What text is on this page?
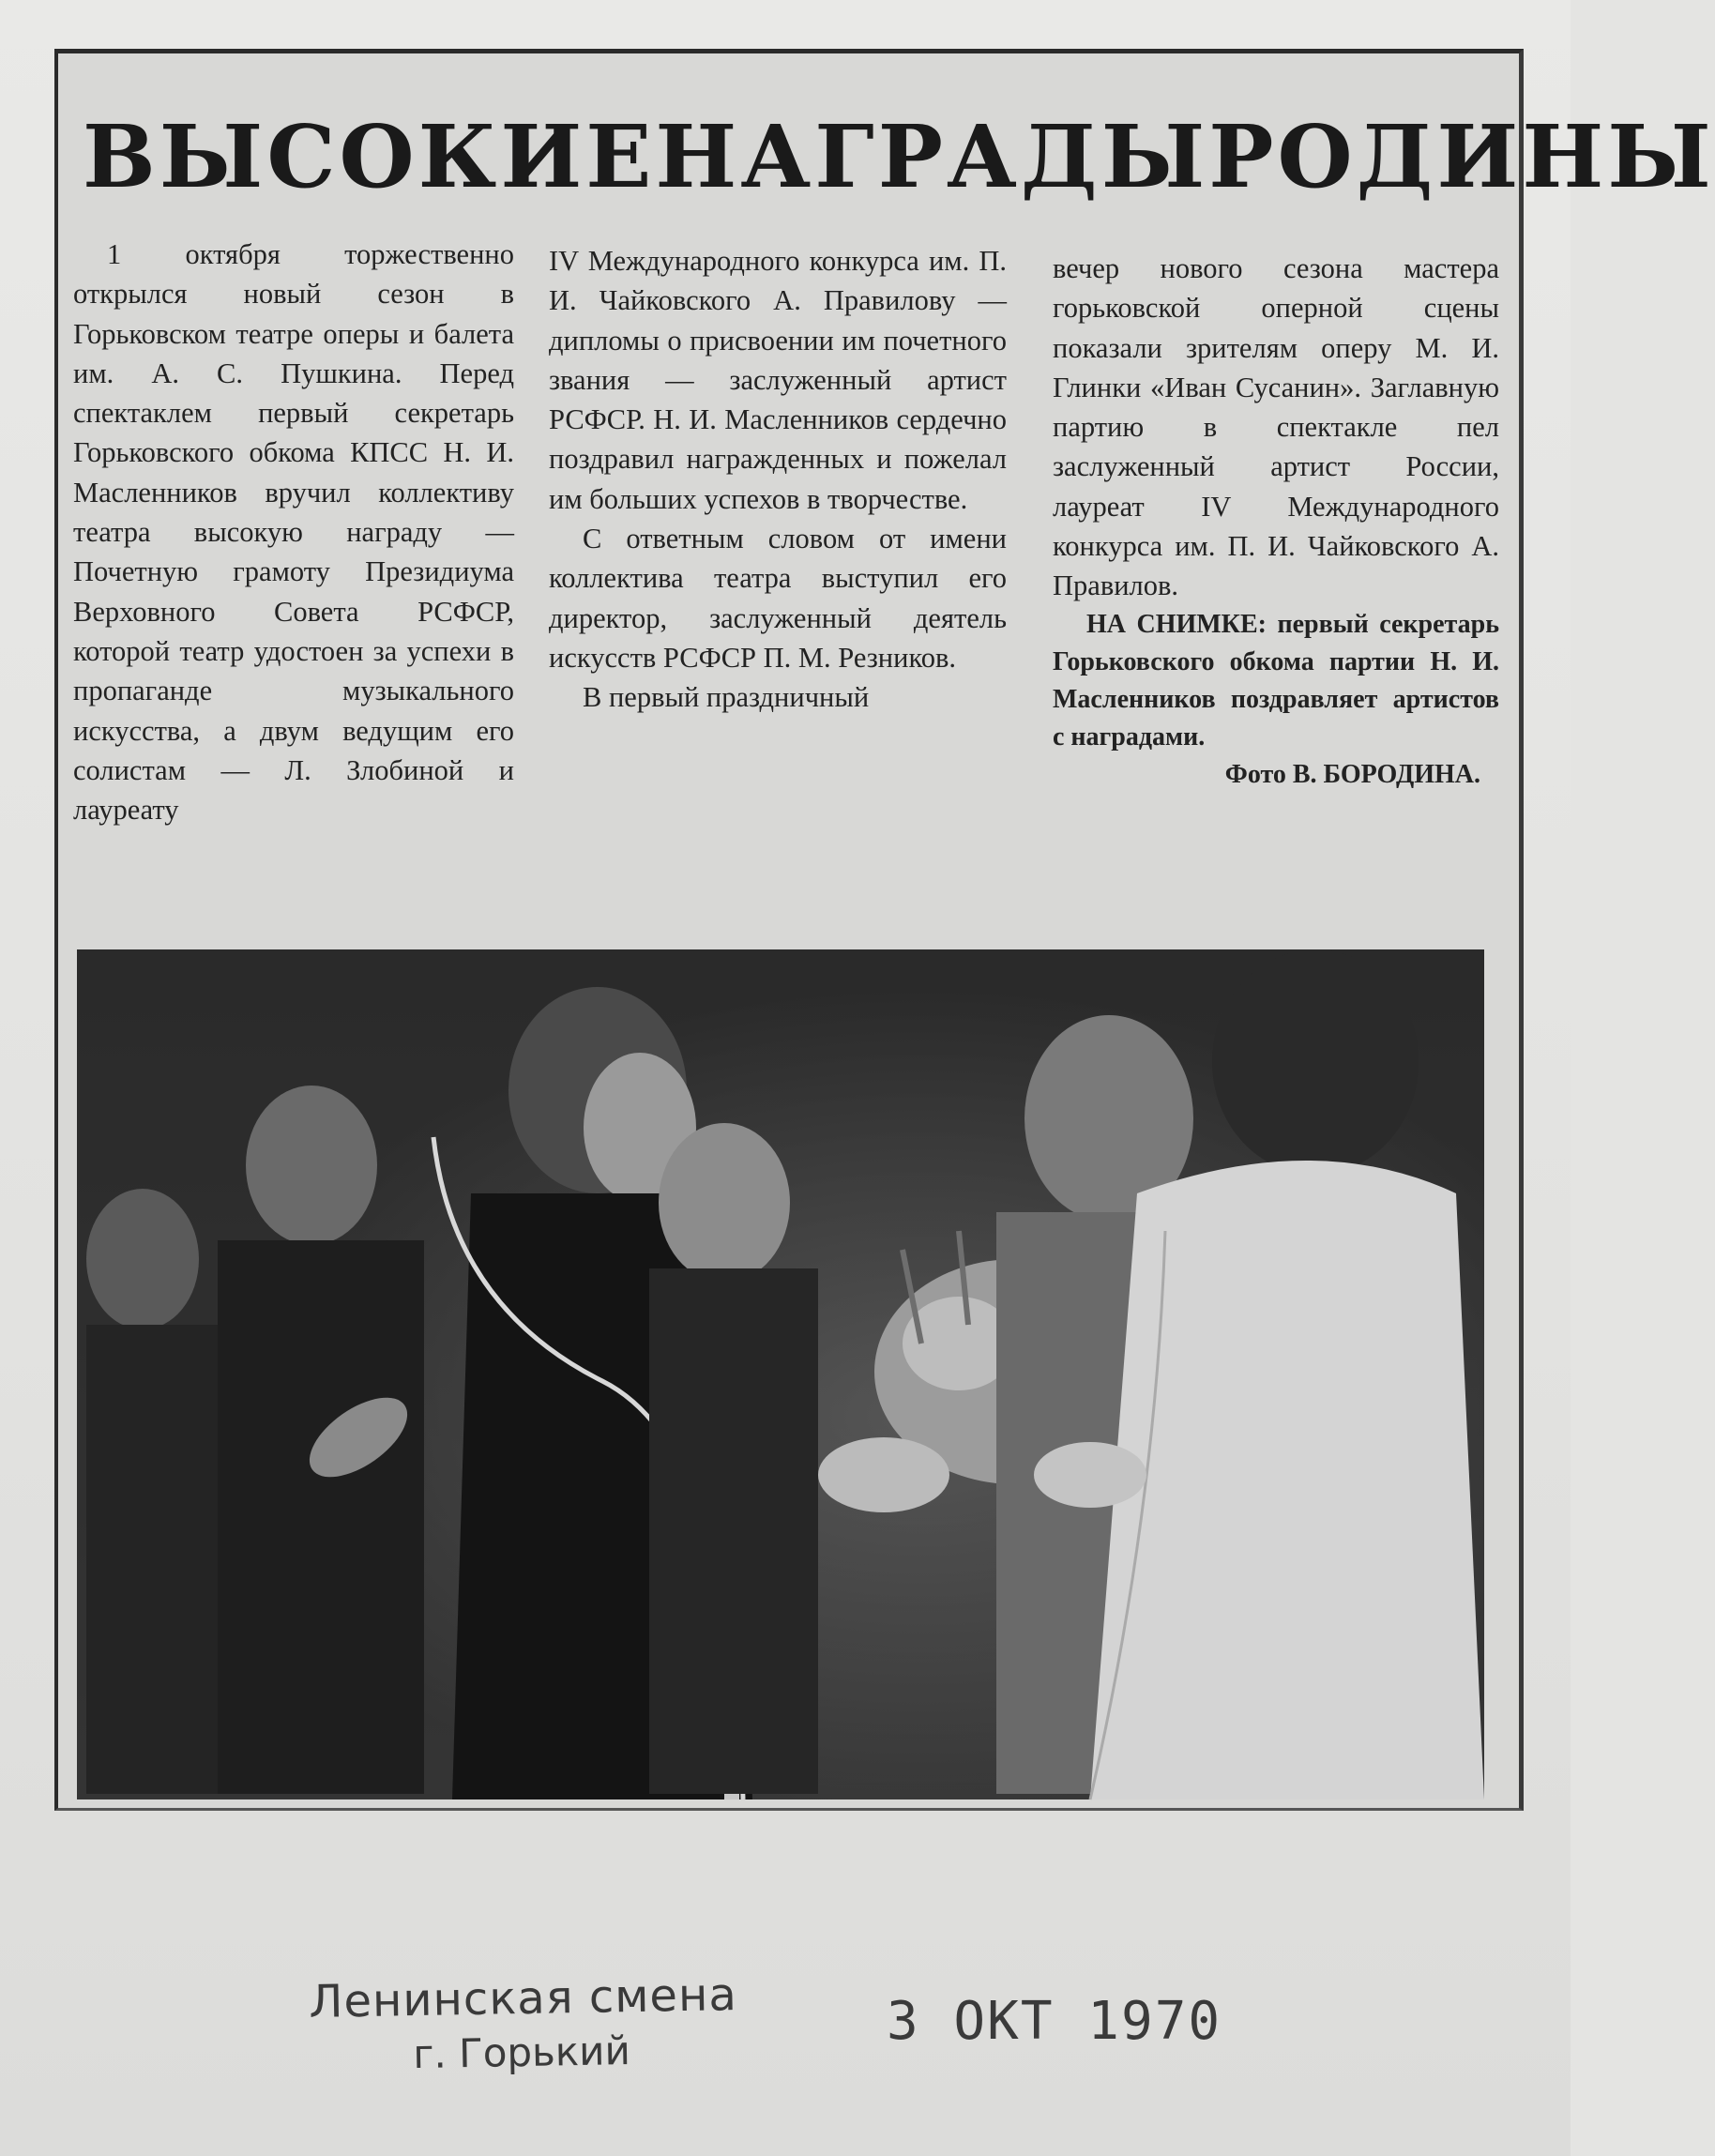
ВЫСОКИЕ НАГРАДЫ РОДИНЫ

1 октября торжественно открылся новый сезон в Горьковском театре оперы и балета им. А. С. Пушкина. Перед спектаклем первый секретарь Горьковского обкома КПСС Н. И. Масленников вручил коллективу театра высокую награду — Почетную грамоту Президиума Верховного Совета РСФСР, которой театр удостоен за успехи в пропаганде музыкального искусства, а двум ведущим его солистам — Л. Злобиной и лауреату

IV Международного конкурса им. П. И. Чайковского А. Правилову — дипломы о присвоении им почетного звания — заслуженный артист РСФСР. Н. И. Масленников сердечно поздравил награжденных и пожелал им больших успехов в творчестве.

С ответным словом от имени коллектива театра выступил его директор, заслуженный деятель искусств РСФСР П. М. Резников.

В первый праздничный

вечер нового сезона мастера горьковской оперной сцены показали зрителям оперу М. И. Глинки «Иван Сусанин». Заглавную партию в спектакле пел заслуженный артист России, лауреат IV Международного конкурса им. П. И. Чайковского А. Правилов.

НА СНИМКЕ: первый секретарь Горьковского обкома партии Н. И. Масленников поздравляет артистов с наградами.

Фото В. БОРОДИНА.

Ленинская смена
г. Горький
3 ОКТ 1970
